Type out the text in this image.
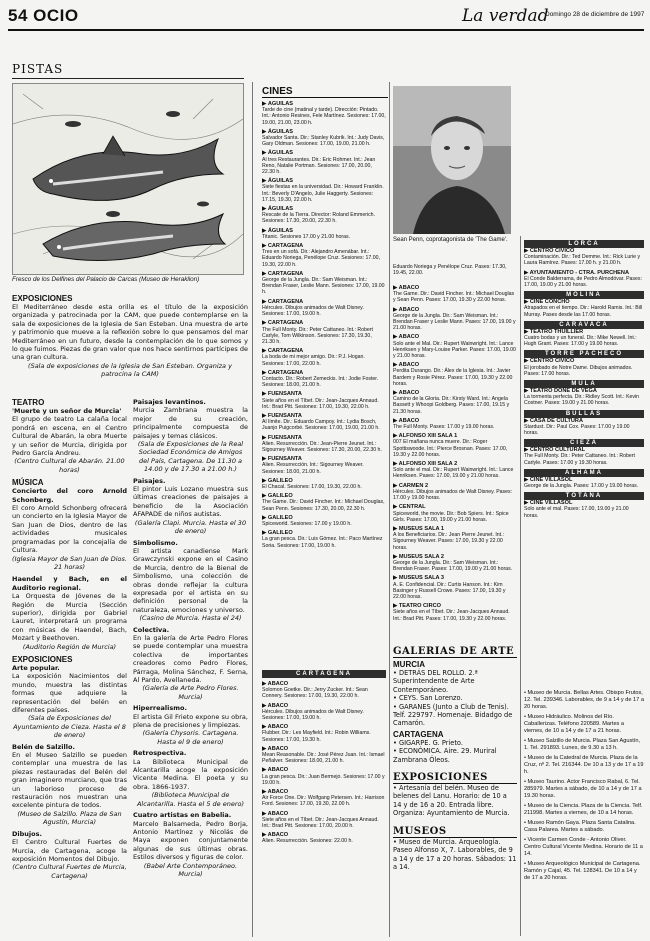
54 OCIO	La verdad
Domingo 28 de diciembre de 1997
PISTAS
Fresco de los Delfines del Palacio de Carcas (Museo de Heraklion)
EXPOSICIONES
El Mediterráneo desde esta orilla es el título de la exposición organizada y patrocinada por la CAM, que puede contemplarse en la sala de exposiciones de la Iglesia de San Esteban. Una muestra de arte y patrimonio que mueve a la reflexión sobre lo que pensamos del mar Mediterráneo en un futuro, desde la contemplación de lo que somos y lo que fuimos. Piezas de gran valor que nos hace sentirnos partícipes de una gran cultura.
(Sala de exposiciones de la Iglesia de San Esteban. Organiza y patrocina la CAM)
TEATRO
'Muerte y un señor de Murcia'
El grupo de teatro La calaña local pondrá en escena, en el Centro Cultural de Abarán, la obra Muerte y un señor de Murcia, dirigida por Pedro García Andreu.
(Centro Cultural de Abarán. 21.00 horas)
MÚSICA
Concierto del coro Arnold Schonberg.
El coro Arnold Schonberg ofrecerá un concierto en la Iglesia Mayor de San Juan de Dios, dentro de las actividades musicales programadas por la concejalía de Cultura.
(Iglesia Mayor de San Juan de Dios. 21 horas)
Haendel y Bach, en el Auditorio regional.
La Orquesta de Jóvenes de la Región de Murcia (Sección superior), dirigida por Gabriel Lauret, interpretará un programa con músicas de Haendel, Bach, Mozart y Beethoven.
(Auditorio Región de Murcia)
EXPOSICIONES
Arte popular.
La exposición Nacimientos del mundo, muestra las distintas formas que adquiere la representación del belén en diferentes países.
(Sala de Exposiciones del Ayuntamiento de Cieza. Hasta el 8 de enero)
Belén de Salzillo.
En el Museo Salzillo se pueden contemplar una muestra de las piezas restauradas del Belén del gran imaginero murciano, que tras un laborioso proceso de restauración nos muestran una excelente pintura de todos.
(Museo de Salzillo. Plaza de San Agustín, Murcia)
Dibujos.
El Centro Cultural Fuertes de Murcia, de Cartagena, acoge la exposición Momentos del Dibujo.
(Centro Cultural Fuertes de Murcia, Cartagena)
Paisajes levantinos.
Murcia Zambrana muestra la mejor de su creación, principalmente compuesta de paisajes y temas clásicos.
(Sala de Exposiciones de la Real Sociedad Económica de Amigos del País, Cartagena. De 11.30 a 14.00 y de 17.30 a 21.00 h.)
Paisajes.
El pintor Luis Lozano muestra sus últimas creaciones de paisajes a beneficio de la Asociación AFAPADE de niños autistas.
(Galería Clapi. Murcia. Hasta el 30 de enero)
Simbolismo.
El artista canadiense Mark Grawczynski expone en el Casino de Murcia, dentro de la Bienal de Simbolismo, una colección de obras donde reflejar la cultura expresada por el artista en su definición personal de la naturaleza, emociones y universo.
(Casino de Murcia. Hasta el 24)
Colectiva.
En la galería de Arte Pedro Flores se puede contemplar una muestra colectiva de importantes creadores como Pedro Flores, Párraga, Molina Sánchez, F. Serna, Al Pardo, Avellaneda.
(Galería de Arte Pedro Flores. Murcia)
Hiperrealismo.
El artista Gil Frieto expone su obra, plena de precisiones y limpiezas.
(Galería Chysoris. Cartagena. Hasta el 9 de enero)
Retrospectiva.
La Biblioteca Municipal de Alcantarilla acoge la exposición Vicente Medina. El poeta y su obra. 1866-1937.
(Biblioteca Municipal de Alcantarilla. Hasta el 5 de enero)
Cuatro artistas en Babelia.
Marcelo Balsameda, Pedro Borja, Antonio Martínez y Nicolás de Maya exponen conjuntamente algunas de sus últimas obras. Estilos diversos y figuras de color.
(Babel Arte Contemporáneo. Murcia)
CINES
▶ ÁGUILAS
Tarde de cine (matinal y tarde). Dirección: Pintado. Int.: Antonio Resines, Fele Martínez. Sesiones: 17.00, 19.00, 21.00, 23.00 h.
▶ ÁGUILAS
Salvador Santa. Dir.: Stanley Kubrik. Int.: Judy Davis, Gary Oldman. Sesiones: 17.00, 19.00, 21.00 h.
▶ ÁGUILAS
Al tres Restaurantes. Dir.: Eric Rohmer. Int.: Jean Reno, Natalie Portman. Sesiones: 17.00, 20.00, 22.30 h.
▶ ÁGUILAS
Siete fiestas en la universidad. Dir.: Howard Franklin. Int.: Beverly D'Angelo, Julie Haggerty. Sesiones: 17.15, 19.30, 22.00 h.
▶ ÁGUILAS
Rescate de la Tierra. Director: Roland Emmerich. Sesiones: 17.30, 20.00, 22.30 h.
▶ ÁGUILAS
Titanic. Sesiones 17.00 y 21.00 horas.
▶ CARTAGENA
Tres en un sofá. Dir.: Alejandro Amenábar. Int.: Eduardo Noriega, Penélope Cruz. Sesiones: 17.00, 19.30, 22.00 h.
▶ CARTAGENA
George de la Jungla. Dir.: Sam Weisman. Int.: Brendan Fraser, Leslie Mann. Sesiones: 17.00, 19.00 h.
▶ CARTAGENA
Hércules. Dibujos animados de Walt Disney. Sesiones: 17.00, 19.00 h.
▶ CARTAGENA
The Full Monty. Dir.: Peter Cattaneo. Int.: Robert Carlyle, Tom Wilkinson. Sesiones: 17.30, 19.30, 21.30 h.
▶ CARTAGENA
La boda de mi mejor amigo. Dir.: P.J. Hogan. Sesiones: 17.00, 22.00 h.
▶ CARTAGENA
Contacto. Dir.: Robert Zemeckis. Int.: Jodie Foster. Sesiones: 18.00, 21.00 h.
▶ FUENSANTA
Siete años en el Tíbet. Dir.: Jean-Jacques Annaud. Int.: Brad Pitt. Sesiones: 17.00, 19.30, 22.00 h.
▶ FUENSANTA
Al límite. Dir.: Eduardo Campoy. Int.: Lydia Bosch, Juanjo Puigcorbé. Sesiones: 17.00, 19.00, 21.00 h.
▶ FUENSANTA
Alien. Resurrección. Dir.: Jean-Pierre Jeunet. Int.: Sigourney Weaver. Sesiones: 17.30, 20.00, 22.30 h.
▶ FUENSANTA
Alien. Resurrección. Int.: Sigourney Weaver. Sesiones: 18.00, 21.00 h.
▶ GALILEO
El Chacal. Sesiones: 17.00, 19.30, 22.00 h.
▶ GALILEO
The Game. Dir.: David Fincher. Int.: Michael Douglas, Sean Penn. Sesiones: 17.30, 20.00, 22.30 h.
▶ GALILEO
Spiceworld. Sesiones: 17.00 y 19.00 h.
▶ GALILEO
La gran pesca. Dir.: Luis Gómez. Int.: Paco Martínez Soria. Sesiones: 17.00, 19.00 h.
CARTAGENA
▶ ABACO
Solomon Goetke. Dir.: Jerry Zucker. Int.: Sean Connery. Sesiones: 17.00, 19.30, 22.00 h.
▶ ABACO
Hércules. Dibujos animados de Walt Disney. Sesiones: 17.00, 19.00 h.
▶ ABACO
Flubber. Dir.: Les Mayfield. Int.: Robin Williams. Sesiones: 17.00, 19.30 h.
▶ ABACO
Mean Reasonable. Dir.: José Pérez Juan. Int.: Ismael Peñalver. Sesiones: 18.00, 21.00 h.
▶ ABACO
La gran pesca. Dir.: Juan Bermejo. Sesiones: 17.00 y 19.00 h.
▶ ABACO
Air Force One. Dir.: Wolfgang Petersen. Int.: Harrison Ford. Sesiones: 17.00, 19.30, 22.00 h.
▶ ABACO
Siete años en el Tíbet. Dir.: Jean-Jacques Annaud. Int.: Brad Pitt. Sesiones: 17.00, 20.00 h.
▶ ABACO
Alien. Resurrección. Sesiones: 22.00 h.
Sean Penn, coprotagonista de 'The Game'.
Eduardo Noriega y Penélope Cruz. Pases: 17.30, 19.45, 22.00.
▶ ABACO
The Game. Dir.: David Fincher. Int.: Michael Douglas y Sean Penn. Pases: 17.00, 19.30 y 22.00 horas.
▶ ABACO
George de la Jungla. Dir.: Sam Weisman. Int.: Brendan Fraser y Leslie Mann. Pases: 17.00, 19.00 y 21.00 horas.
▶ ABACO
Solo ante el Mal. Dir.: Rupert Wainwright. Int.: Lance Henriksen y Mary-Louise Parker. Pases: 17.00, 19.00 y 21.00 horas.
▶ ABACO
Perdita Durango. Dir.: Álex de la Iglesia. Int.: Javier Bardem y Rosie Pérez. Pases: 17.00, 19.30 y 22.00 horas.
▶ ABACO
Camino de la Gloria. Dir.: Kirsty Ward. Int.: Angela Bassett y Whoopi Goldberg. Pases: 17.00, 19.15 y 21.30 horas.
▶ ABACO
The Full Monty. Pases: 17.00 y 19.00 horas.
▶ ALFONSO XIII SALA 1
007 El mañana nunca muere. Dir.: Roger Spottiswoode. Int.: Pierce Brosnan. Pases: 17.00, 19.30 y 22.00 horas.
▶ ALFONSO XIII SALA 2
Solo ante el mal. Dir.: Rupert Wainwright. Int.: Lance Henriksen. Pases: 17.00, 19.00 y 21.00 horas.
▶ CARMEN 2
Hércules. Dibujos animados de Walt Disney. Pases: 17.00 y 19.00 horas.
▶ CENTRAL
Spiceworld, the movie. Dir.: Bob Spiers. Int.: Spice Girls. Pases: 17.00, 19.00 y 21.00 horas.
▶ MUSEUS SALA 1
A los Beneficiarios. Dir.: Jean Pierre Jeunet. Int.: Sigourney Weaver. Pases: 17.00, 19.30 y 22.00 horas.
▶ MUSEUS SALA 2
George de la Jungla. Dir.: Sam Weisman. Int.: Brendan Fraser. Pases: 17.00, 19.00 y 21.00 horas.
▶ MUSEUS SALA 3
A. E. Confidencial. Dir.: Curtis Hanson. Int.: Kim Basinger y Russell Crowe. Pases: 17.00, 19.30 y 22.00 horas.
▶ TEATRO CIRCO
Siete años en el Tíbet. Dir.: Jean-Jacques Annaud. Int.: Brad Pitt. Pases: 17.00, 19.30 y 22.00 horas.
LORCA
▶ CENTRO CIVICO
Contaminación. Dir.: Ted Demme. Int.: Rick Lurie y Laura Ramírez. Pases: 17.00 h. y 21.00 h.
▶ AYUNTAMIENTO - CTRA. PURCHENA
El Conde Balderrama, de Pedro Almodóvar. Pases: 17.00, 19.00 y 21.00 horas.
MOLINA
▶ CINE CONCHO
Atrapados en el tiempo. Dir.: Harold Ramis. Int.: Bill Murray. Pases desde las 17.00 horas.
CARAVACA
▶ TEATRO THUILLIER
Cuatro bodas y un funeral. Dir.: Mike Newell. Int.: Hugh Grant. Pases: 17.00 y 19.00 horas.
TORRE PACHECO
▶ CENTRO CÍVICO
El jorobado de Notre Dame. Dibujos animados. Pases: 17.00 horas.
MULA
▶ TEATRO DOÑE DE VEGA
La tormenta perfecta. Dir.: Ridley Scott. Int.: Kevin Costner. Pases: 19.00 y 21.00 horas.
BULLAS
▶ CASA DE CULTURA
Stardust. Dir.: Paul Cox. Pases: 17.00 y 19.00 horas.
CIEZA
▶ CENTRO CULTURAL
The Full Monty. Dir.: Peter Cattaneo. Int.: Robert Carlyle. Pases: 17.00 y 19.30 horas.
ALHAMA
▶ CINE VILLASOL
George de la Jungla. Pases: 17.00 y 19.00 horas.
TOTANA
▶ CINE VILLASOL
Solo ante el mal. Pases: 17.00, 19.00 y 21.00 horas.
GALERÍAS DE ARTE
MURCIA
• DETRÁS DEL ROLLO. 2.ª Superintendente de Arte Contemporáneo.
• CEYS. San Lorenzo.
• GARANES (Junto a Club de Tenis). Telf. 229797. Homenaje. Bidadgo de Camarón.
CARTAGENA
• GIGARPE. G. Prieto.
• ECONÓMICA. Aire. 29. Muriral Zambrana Óleos.
EXPOSICIONES
• Artesanía del belén. Museo de belenes del Lanu. Horario: de 10 a 14 y de 16 a 20. Entrada libre. Organiza: Ayuntamiento de Murcia.
MUSEOS
• Museo de Murcia. Arqueología. Paseo Alfonso X, 7. Laborables, de 9 a 14 y de 17 a 20 horas. Sábados: 11 a 14.
• Museo de Murcia. Bellas Artes. Obispo Frutos, 12. Tel. 239346. Laborables, de 9 a 14 y de 17 a 20 horas.
• Museo Hidráulico. Molinos del Río. Caballerizas. Teléfono 220589. Martes a viernes, de 10 a 14 y de 17 a 21 horas.
• Museo Salzillo de Murcia. Plaza San Agustín, 1. Tel. 291893. Lunes, de 9.30 a 13 h.
• Museo de la Catedral de Murcia. Plaza de la Cruz, nº 2. Tel. 216344. De 10 a 13 y de 17 a 19 h.
• Museo Taurino. Actor Francisco Rabal, 6. Tel. 285979. Martes a sábado, de 10 a 14 y de 17 a 19.30 horas.
• Museo de la Ciencia. Plaza de la Ciencia. Telf. 211998. Martes a viernes, de 10 a 14 horas.
• Museo Ramón Gaya. Plaza Santa Catalina. Casa Palarea. Martes a sábado.
• Vicente Carmen Conde - Antonio Oliver. Centro Cultural Vicente Medina. Horario de 11 a 14.
• Museo Arqueológico Municipal de Cartagena. Ramón y Cajal, 45. Tel. 128341. De 10 a 14 y de 17 a 20 horas.
